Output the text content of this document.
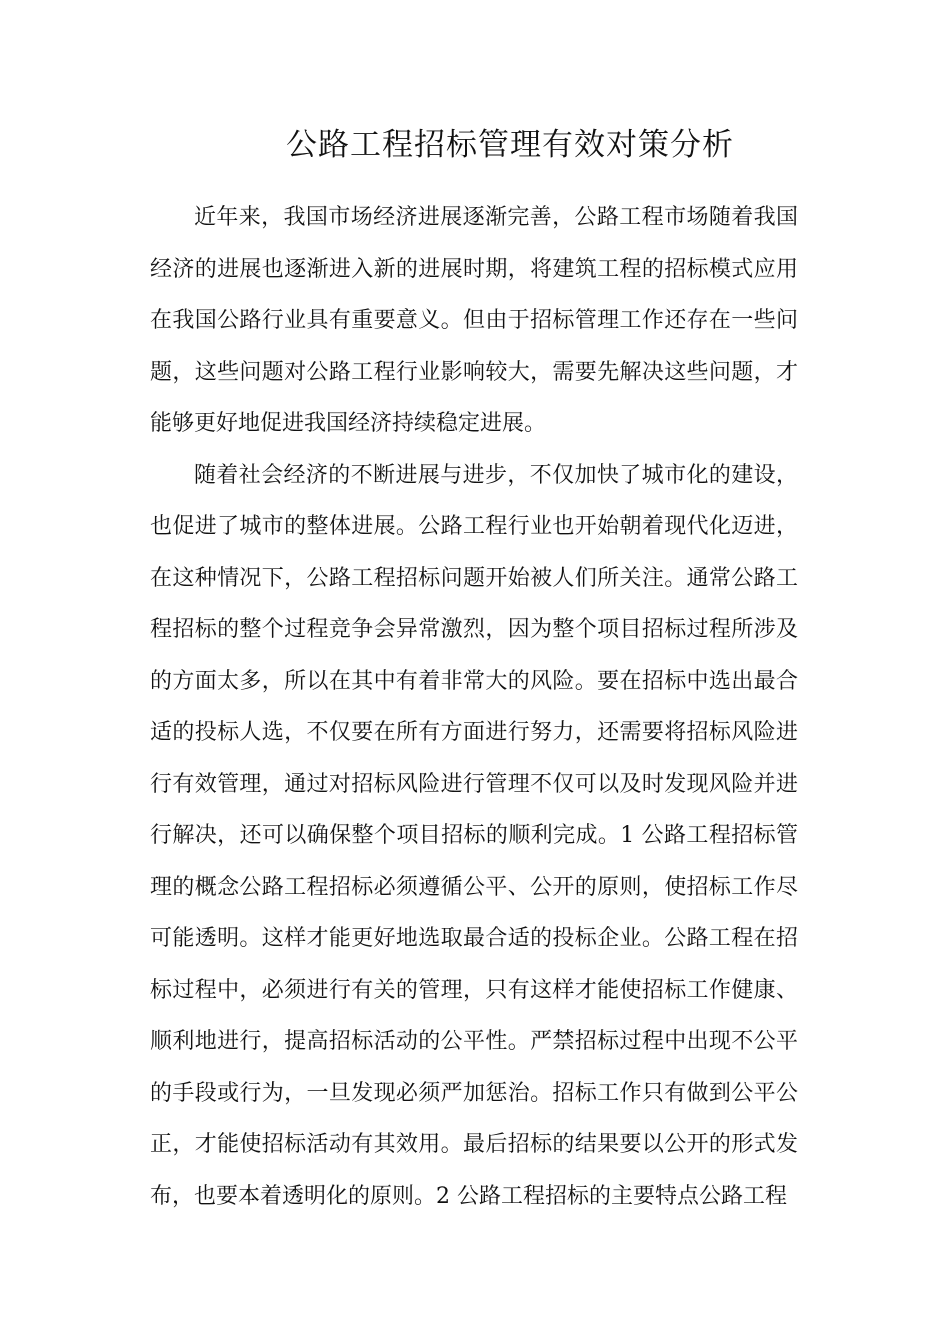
公路工程招标管理有效对策分析

近年来，我国市场经济进展逐渐完善，公路工程市场随着我国经济的进展也逐渐进入新的进展时期，将建筑工程的招标模式应用在我国公路行业具有重要意义。但由于招标管理工作还存在一些问题，这些问题对公路工程行业影响较大，需要先解决这些问题，才能够更好地促进我国经济持续稳定进展。

随着社会经济的不断进展与进步，不仅加快了城市化的建设，也促进了城市的整体进展。公路工程行业也开始朝着现代化迈进，在这种情况下，公路工程招标问题开始被人们所关注。通常公路工程招标的整个过程竞争会异常激烈，因为整个项目招标过程所涉及的方面太多，所以在其中有着非常大的风险。要在招标中选出最合适的投标人选，不仅要在所有方面进行努力，还需要将招标风险进行有效管理，通过对招标风险进行管理不仅可以及时发现风险并进行解决，还可以确保整个项目招标的顺利完成。1 公路工程招标管理的概念公路工程招标必须遵循公平、公开的原则，使招标工作尽可能透明。这样才能更好地选取最合适的投标企业。公路工程在招标过程中，必须进行有关的管理，只有这样才能使招标工作健康、顺利地进行，提高招标活动的公平性。严禁招标过程中出现不公平的手段或行为，一旦发现必须严加惩治。招标工作只有做到公平公正，才能使招标活动有其效用。最后招标的结果要以公开的形式发布，也要本着透明化的原则。2 公路工程招标的主要特点公路工程
